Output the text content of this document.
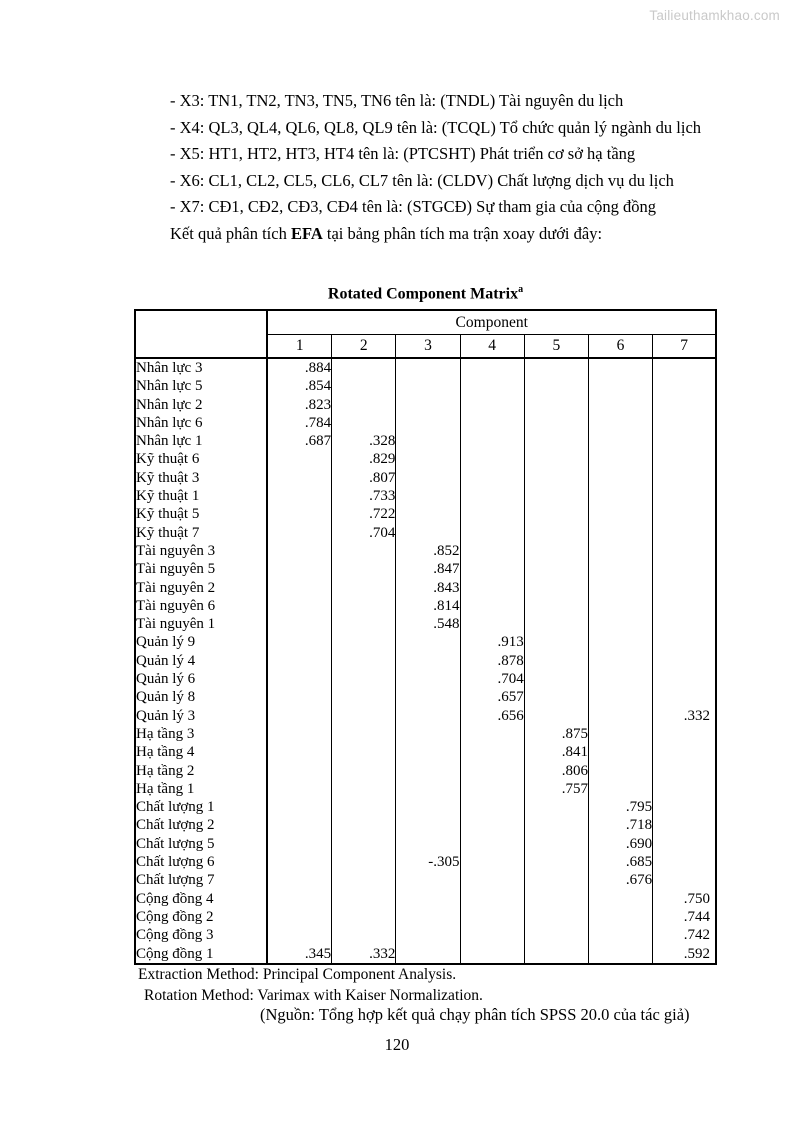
Tailieuthamkhao.com

- X3: TN1, TN2, TN3, TN5, TN6 tên là: (TNDL) Tài nguyên du lịch

- X4: QL3, QL4, QL6, QL8, QL9 tên là: (TCQL) Tổ chức quản lý ngành du lịch

- X5: HT1, HT2, HT3, HT4 tên là: (PTCSHT) Phát triển cơ sở hạ tầng

- X6: CL1, CL2, CL5, CL6, CL7 tên là: (CLDV) Chất lượng dịch vụ du lịch

- X7: CĐ1, CĐ2, CĐ3, CĐ4 tên là: (STGCĐ) Sự tham gia của cộng đồng

Kết quả phân tích EFA tại bảng phân tích ma trận xoay dưới đây:

Rotated Component Matrix$^a$
	Component						
	1	2	3	4	5	6	7
Nhân lực 3	.884						
Nhân lực 5	.854						
Nhân lực 2	.823						
Nhân lực 6	.784						
Nhân lực 1	.687	.328					
Kỹ thuật 6		.829					
Kỹ thuật 3		.807					
Kỹ thuật 1		.733					
Kỹ thuật 5		.722					
Kỹ thuật 7		.704					
Tài nguyên 3			.852				
Tài nguyên 5			.847				
Tài nguyên 2			.843				
Tài nguyên 6			.814				
Tài nguyên 1			.548				
Quản lý 9				.913			
Quản lý 4				.878			
Quản lý 6				.704			
Quản lý 8				.657			
Quản lý 3				.656			.332
Hạ tầng 3					.875		
Hạ tầng 4					.841		
Hạ tầng 2					.806		
Hạ tầng 1					.757		
Chất lượng 1						.795	
Chất lượng 2						.718	
Chất lượng 5						.690	
Chất lượng 6			-.305			.685	
Chất lượng 7						.676	
Cộng đồng 4							.750
Cộng đồng 2							.744
Cộng đồng 3							.742
Cộng đồng 1	.345	.332					.592
Extraction Method: Principal Component Analysis.
Rotation Method: Varimax with Kaiser Normalization.
(Nguồn: Tổng hợp kết quả chạy phân tích SPSS 20.0 của tác giả)
120
